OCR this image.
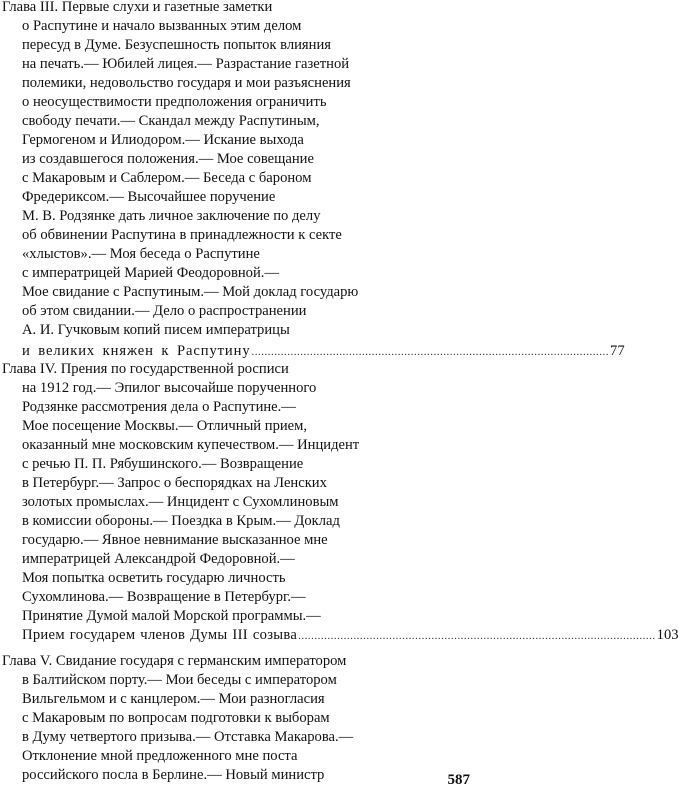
Глава III. Первые слухи и газетные заметки
о Распутине и начало вызванных этим делом
пересуд в Думе. Безуспешность попыток влияния
на печать.— Юбилей лицея.— Разрастание газетной
полемики, недовольство государя и мои разъяснения
о неосуществимости предположения ограничить
свободу печати.— Скандал между Распутиным,
Гермогеном и Илиодором.— Искание выхода
из создавшегося положения.— Мое совещание
с Макаровым и Саблером.— Беседа с бароном
Фредериксом.— Высочайшее поручение
М. В. Родзянке дать личное заключение по делу
об обвинении Распутина в принадлежности к секте
«хлыстов».— Моя беседа о Распутине
с императрицей Марией Феодоровной.—
Мое свидание с Распутиным.— Мой доклад государю
об этом свидании.— Дело о распространении
А. И. Гучковым копий писем императрицы
и великих княжен к Распутину .............................................................................................................. 77
Глава IV. Прения по государственной росписи
на 1912 год.— Эпилог высочайше порученного
Родзянке рассмотрения дела о Распутине.—
Мое посещение Москвы.— Отличный прием,
оказанный мне московским купечеством.— Инцидент
с речью П. П. Рябушинского.— Возвращение
в Петербург.— Запрос о беспорядках на Ленских
золотых промыслах.— Инцидент с Сухомлиновым
в комиссии обороны.— Поездка в Крым.— Доклад
государю.— Явное невнимание высказанное мне
императрицей Александрой Федоровной.—
Моя попытка осветить государю личность
Сухомлинова.— Возвращение в Петербург.—
Принятие Думой малой Морской программы.—
Прием государем членов Думы III созыва .............................................................................................................. 103
Глава V. Свидание государя с германским императором
в Балтийском порту.— Мои беседы с императором
Вильгельмом и с канцлером.— Мои разногласия
с Макаровым по вопросам подготовки к выборам
в Думу четвертого призыва.— Отставка Макарова.—
Отклонение мной предложенного мне поста
российского посла в Берлине.— Новый министр	587
